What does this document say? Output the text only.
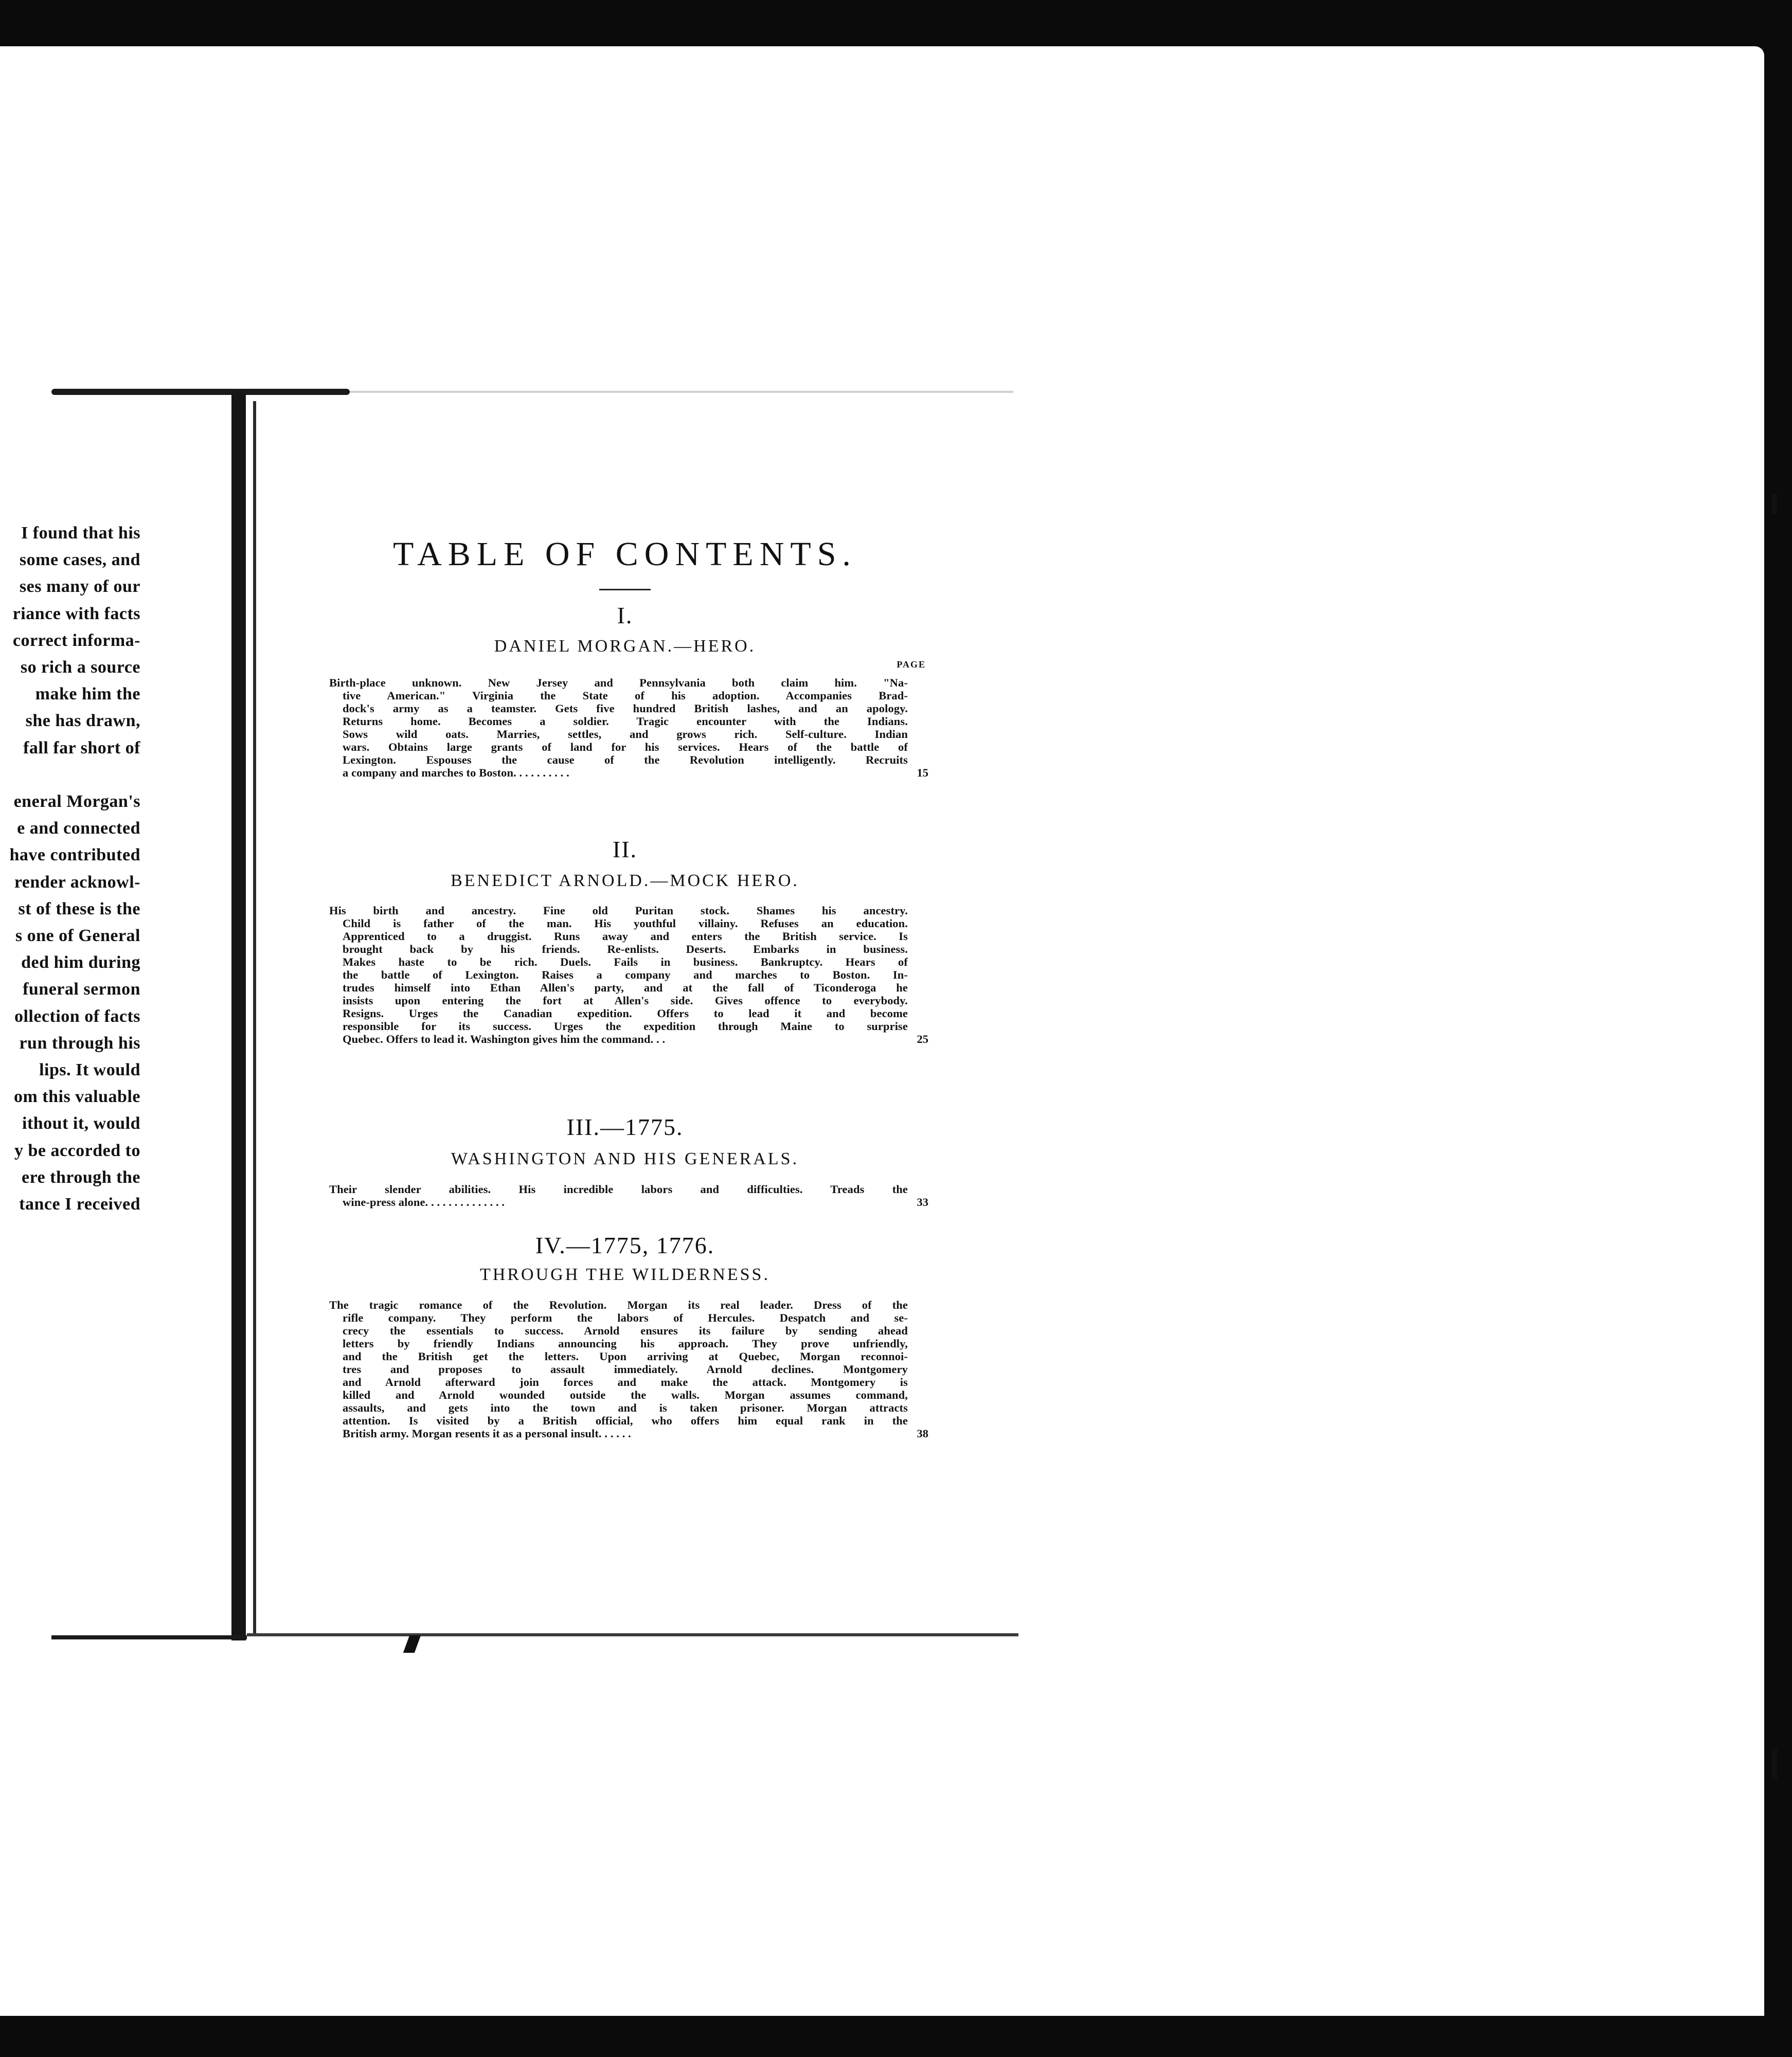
I found that his
some cases, and
ses many of our
riance with facts
correct informa-
so rich a source
make him the
she has drawn,
fall far short of
eneral Morgan's
e and connected
have contributed
render acknowl-
st of these is the
s one of General
ded him during
funeral sermon
ollection of facts
run through his
lips. It would
om this valuable
ithout it, would
y be accorded to
ere through the
tance I received
TABLE OF CONTENTS.
PAGE
I.
DANIEL MORGAN.—HERO.
Birth-place unknown. New Jersey and Pennsylvania both claim him. "Na-
tive American." Virginia the State of his adoption. Accompanies Brad-
dock's army as a teamster. Gets five hundred British lashes, and an apology.
Returns home. Becomes a soldier. Tragic encounter with the Indians.
Sows wild oats. Marries, settles, and grows rich. Self-culture. Indian
wars. Obtains large grants of land for his services. Hears of the battle of
Lexington. Espouses the cause of the Revolution intelligently. Recruits
a company and marches to Boston. . . . . . . . . .	15
II.
BENEDICT ARNOLD.—MOCK HERO.
His birth and ancestry. Fine old Puritan stock. Shames his ancestry.
Child is father of the man. His youthful villainy. Refuses an education.
Apprenticed to a druggist. Runs away and enters the British service. Is
brought back by his friends. Re-enlists. Deserts. Embarks in business.
Makes haste to be rich. Duels. Fails in business. Bankruptcy. Hears of
the battle of Lexington. Raises a company and marches to Boston. In-
trudes himself into Ethan Allen's party, and at the fall of Ticonderoga he
insists upon entering the fort at Allen's side. Gives offence to everybody.
Resigns. Urges the Canadian expedition. Offers to lead it and become
responsible for its success. Urges the expedition through Maine to surprise
Quebec. Offers to lead it. Washington gives him the command. . .	25
III.—1775.
WASHINGTON AND HIS GENERALS.
Their slender abilities. His incredible labors and difficulties. Treads the
wine-press alone. . . . . . . . . . . . . .	33
IV.—1775, 1776.
THROUGH THE WILDERNESS.
The tragic romance of the Revolution. Morgan its real leader. Dress of the
rifle company. They perform the labors of Hercules. Despatch and se-
crecy the essentials to success. Arnold ensures its failure by sending ahead
letters by friendly Indians announcing his approach. They prove unfriendly,
and the British get the letters. Upon arriving at Quebec, Morgan reconnoi-
tres and proposes to assault immediately. Arnold declines. Montgomery
and Arnold afterward join forces and make the attack. Montgomery is
killed and Arnold wounded outside the walls. Morgan assumes command,
assaults, and gets into the town and is taken prisoner. Morgan attracts
attention. Is visited by a British official, who offers him equal rank in the
British army. Morgan resents it as a personal insult. . . . . .	38
